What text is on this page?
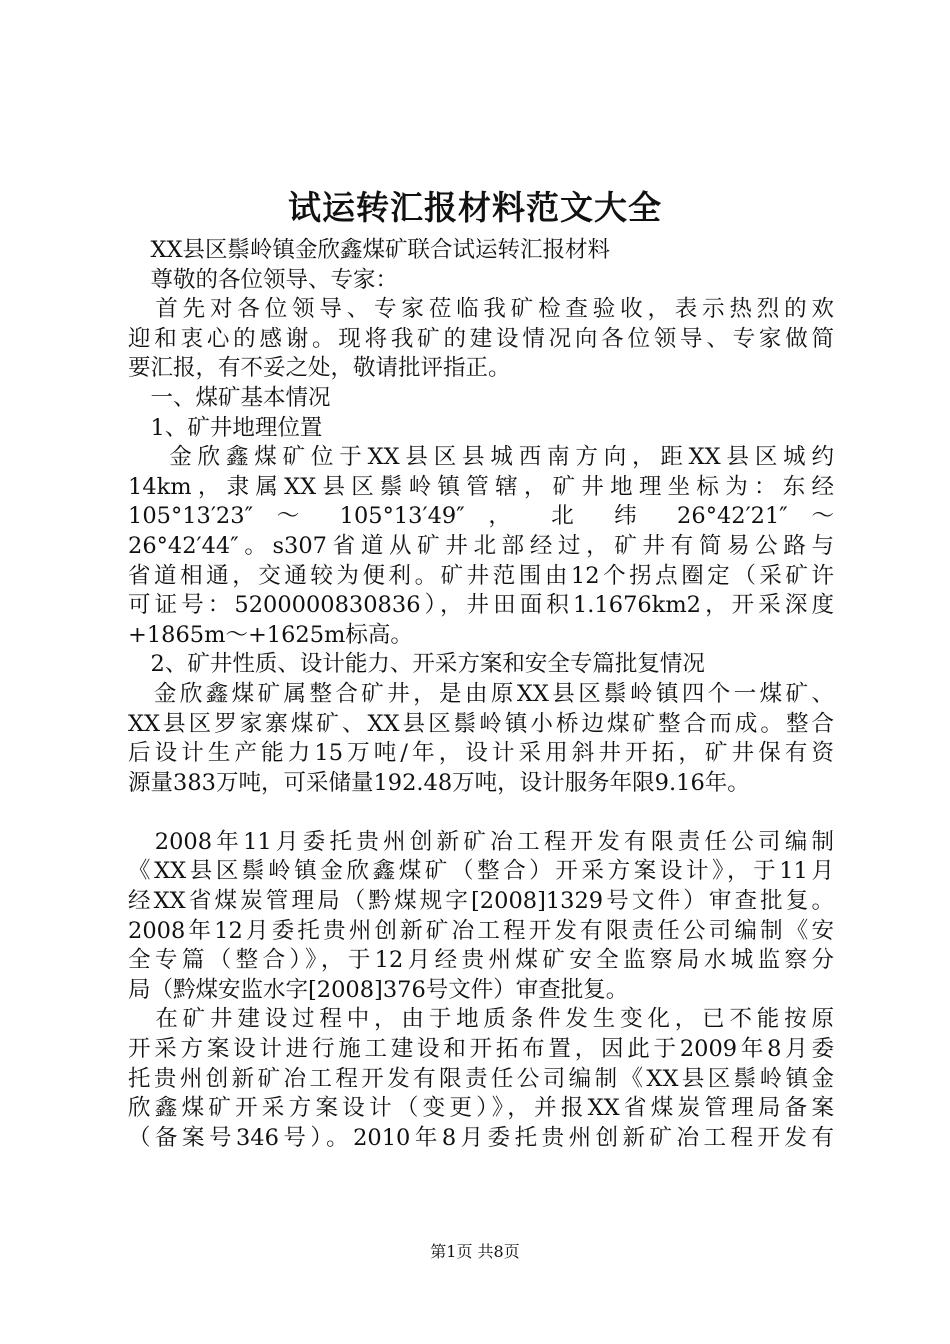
试运转汇报材料范文大全
　XX县区鬃岭镇金欣鑫煤矿联合试运转汇报材料
　尊敬的各位领导、专家：
　首先对各位领导、专家莅临我矿检查验收，表示热烈的欢
迎和衷心的感谢。现将我矿的建设情况向各位领导、专家做简
要汇报，有不妥之处，敬请批评指正。
　一、煤矿基本情况
　1、矿井地理位置
　 金欣鑫煤矿位于XX县区县城西南方向，距XX县区城约
14km，隶属XX县区鬃岭镇管辖，矿井地理坐标为：东经
105°13′23″ ～ 105°13′49″ ， 北 纬 26°42′21″ ～
26°42′44″。s307省道从矿井北部经过，矿井有简易公路与
省道相通，交通较为便利。矿井范围由12个拐点圈定（采矿许
可证号：5200000830836），井田面积1.1676km2，开采深度
+1865m～+1625m标高。
　2、矿井性质、设计能力、开采方案和安全专篇批复情况
　金欣鑫煤矿属整合矿井，是由原XX县区鬃岭镇四个一煤矿、
XX县区罗家寨煤矿、XX县区鬃岭镇小桥边煤矿整合而成。整合
后设计生产能力15万吨/年，设计采用斜井开拓，矿井保有资
源量383万吨，可采储量192.48万吨，设计服务年限9.16年。
　2008年11月委托贵州创新矿冶工程开发有限责任公司编制
《XX县区鬃岭镇金欣鑫煤矿（整合）开采方案设计》，于11月
经XX省煤炭管理局（黔煤规字[2008]1329号文件）审查批复。
2008年12月委托贵州创新矿冶工程开发有限责任公司编制《安
全专篇（整合）》，于12月经贵州煤矿安全监察局水城监察分
局（黔煤安监水字[2008]376号文件）审查批复。
　在矿井建设过程中，由于地质条件发生变化，已不能按原
开采方案设计进行施工建设和开拓布置，因此于2009年8月委
托贵州创新矿冶工程开发有限责任公司编制《XX县区鬃岭镇金
欣鑫煤矿开采方案设计（变更）》，并报XX省煤炭管理局备案
（备案号346号）。2010年8月委托贵州创新矿冶工程开发有
第1页 共8页
